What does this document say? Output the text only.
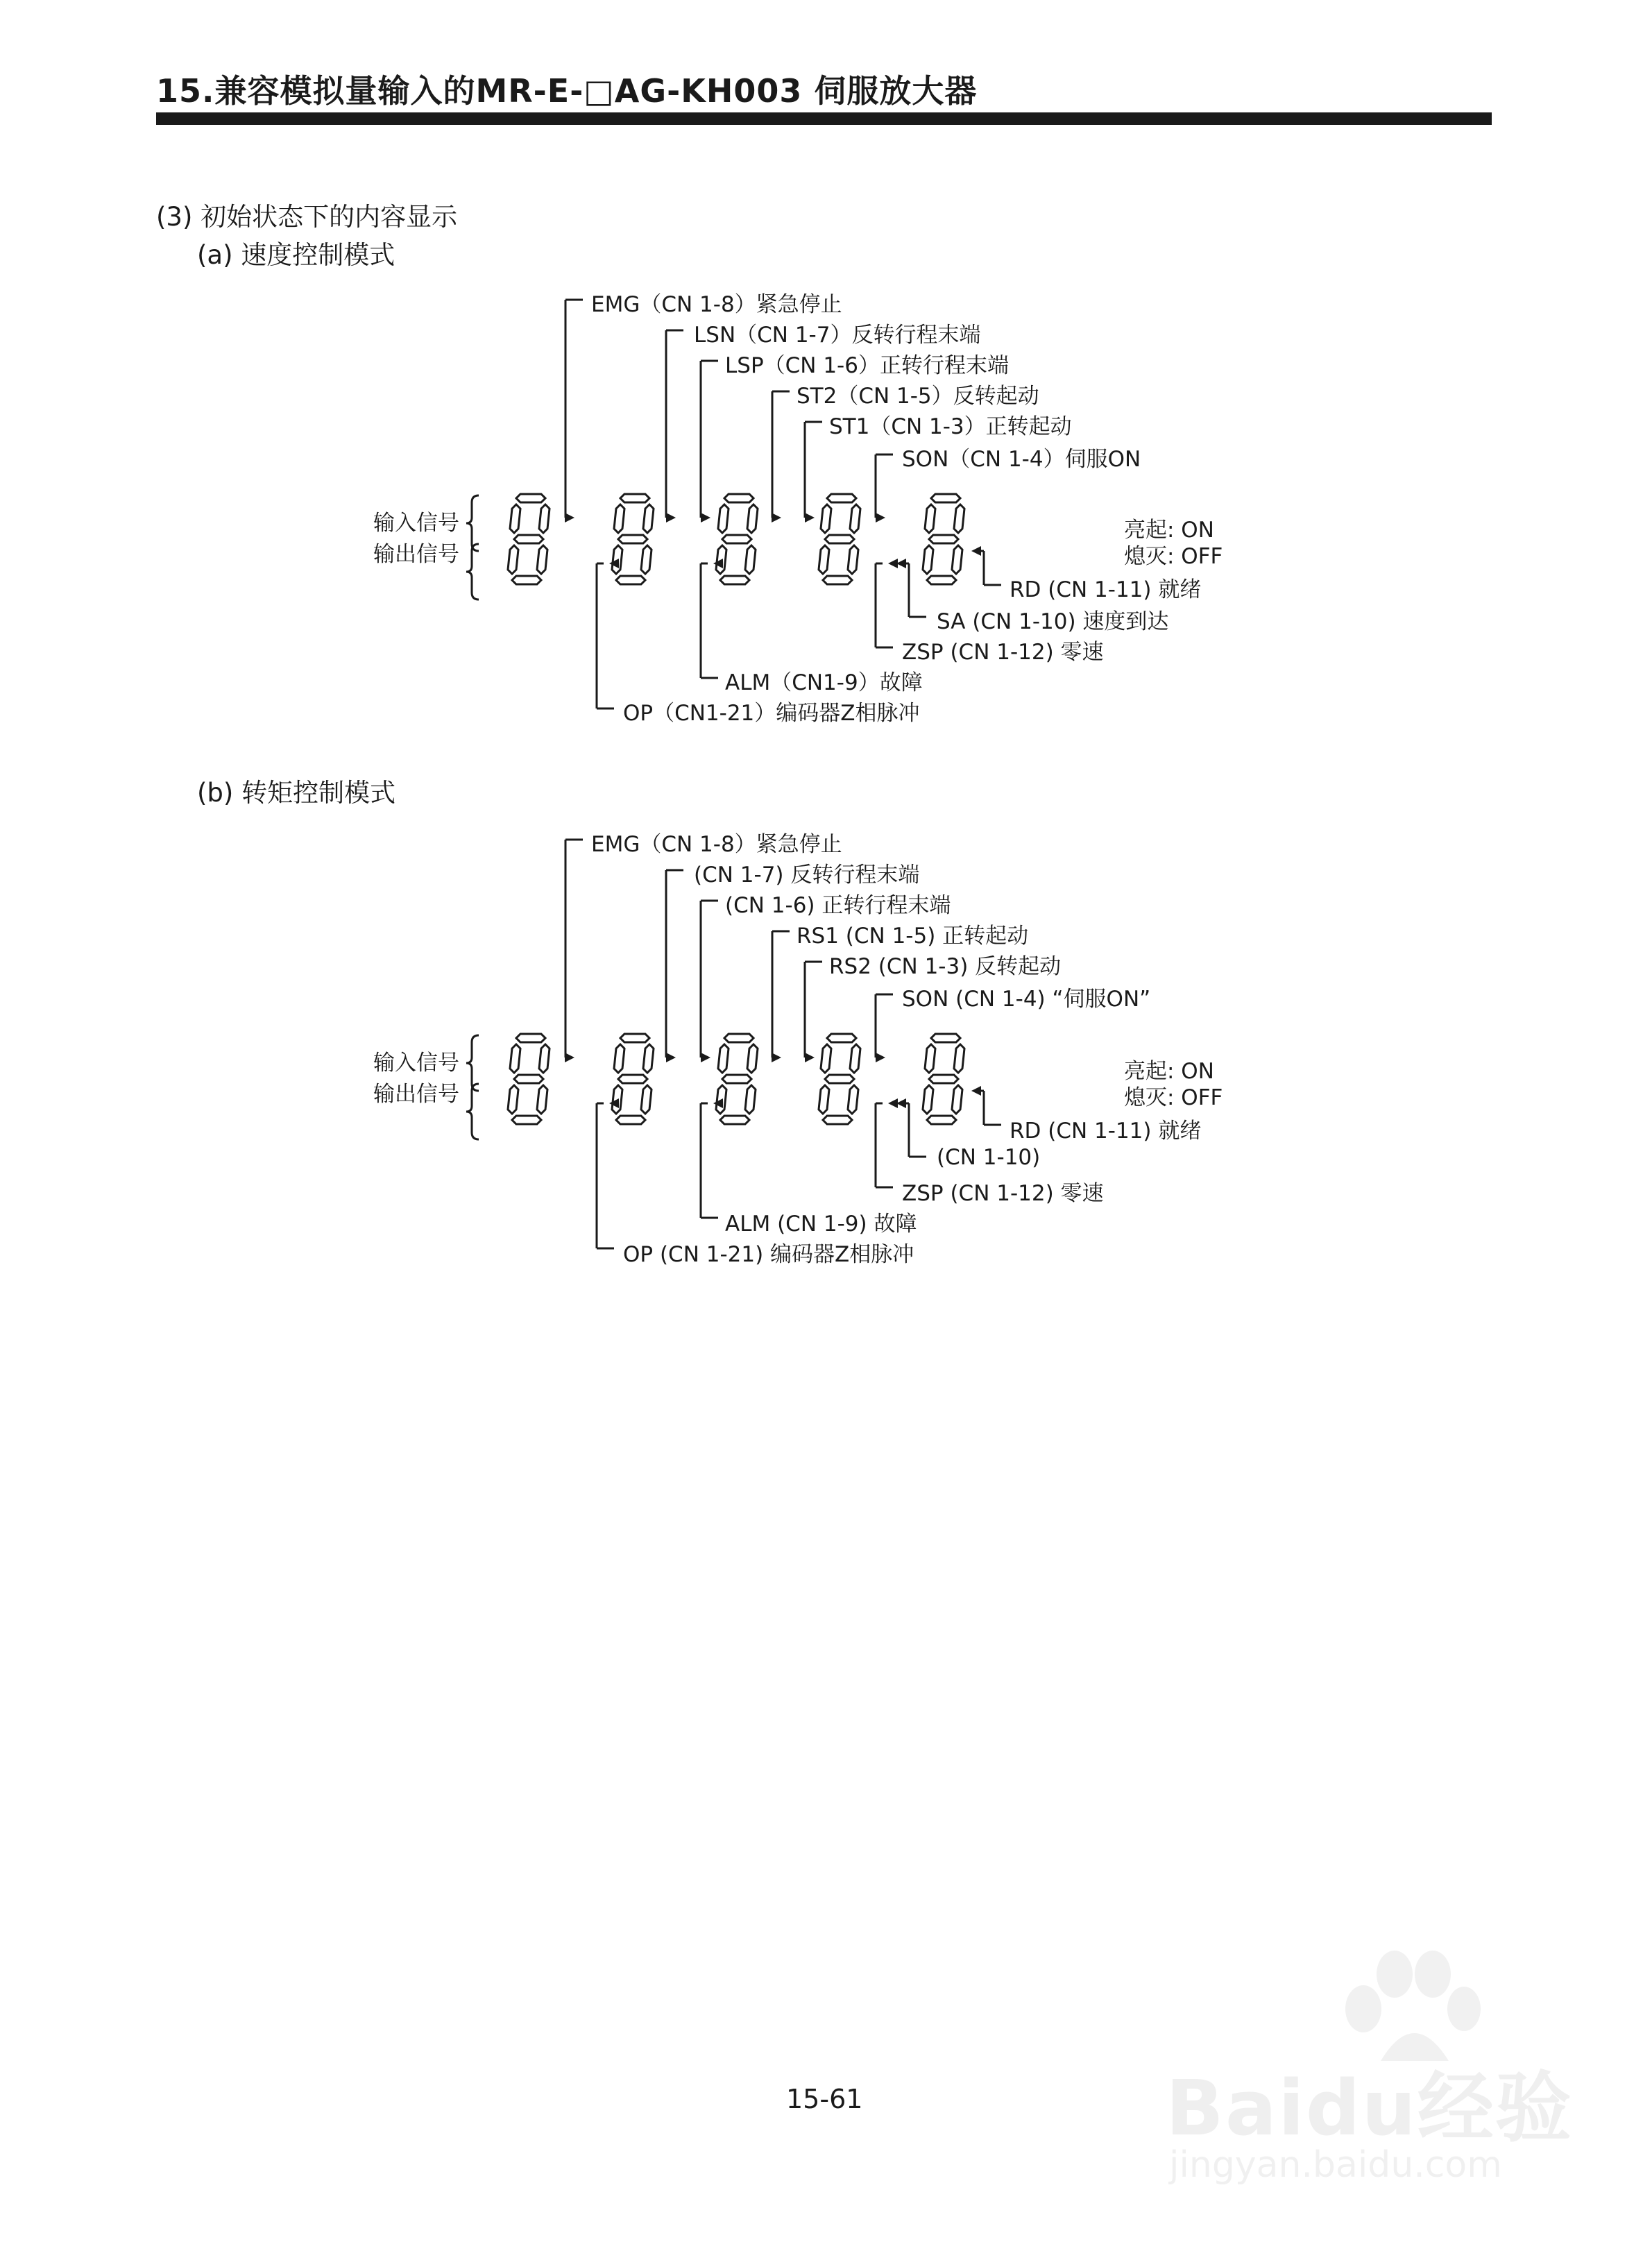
15.兼容模拟量输入的MR-E-□AG-KH003 伺服放大器
(3) 初始状态下的内容显示
(a) 速度控制模式
(b) 转矩控制模式
输入信号
输出信号
亮起: ON
熄灭: OFF
EMG（CN 1-8）紧急停止
LSN（CN 1-7）反转行程末端
LSP（CN 1-6）正转行程末端
ST2（CN 1-5）反转起动
ST1（CN 1-3）正转起动
SON（CN 1-4）伺服ON
RD (CN 1-11) 就绪
SA (CN 1-10) 速度到达
ZSP (CN 1-12) 零速
ALM（CN1-9）故障
OP（CN1-21）编码器Z相脉冲
输入信号
输出信号
亮起: ON
熄灭: OFF
EMG（CN 1-8）紧急停止
(CN 1-7) 反转行程末端
(CN 1-6) 正转行程末端
RS1 (CN 1-5) 正转起动
RS2 (CN 1-3) 反转起动
SON (CN 1-4) “伺服ON”
RD (CN 1-11) 就绪
(CN 1-10)
ZSP (CN 1-12) 零速
ALM (CN 1-9) 故障
OP (CN 1-21) 编码器Z相脉冲
15-61	Baidu经验
jingyan.baidu.com
